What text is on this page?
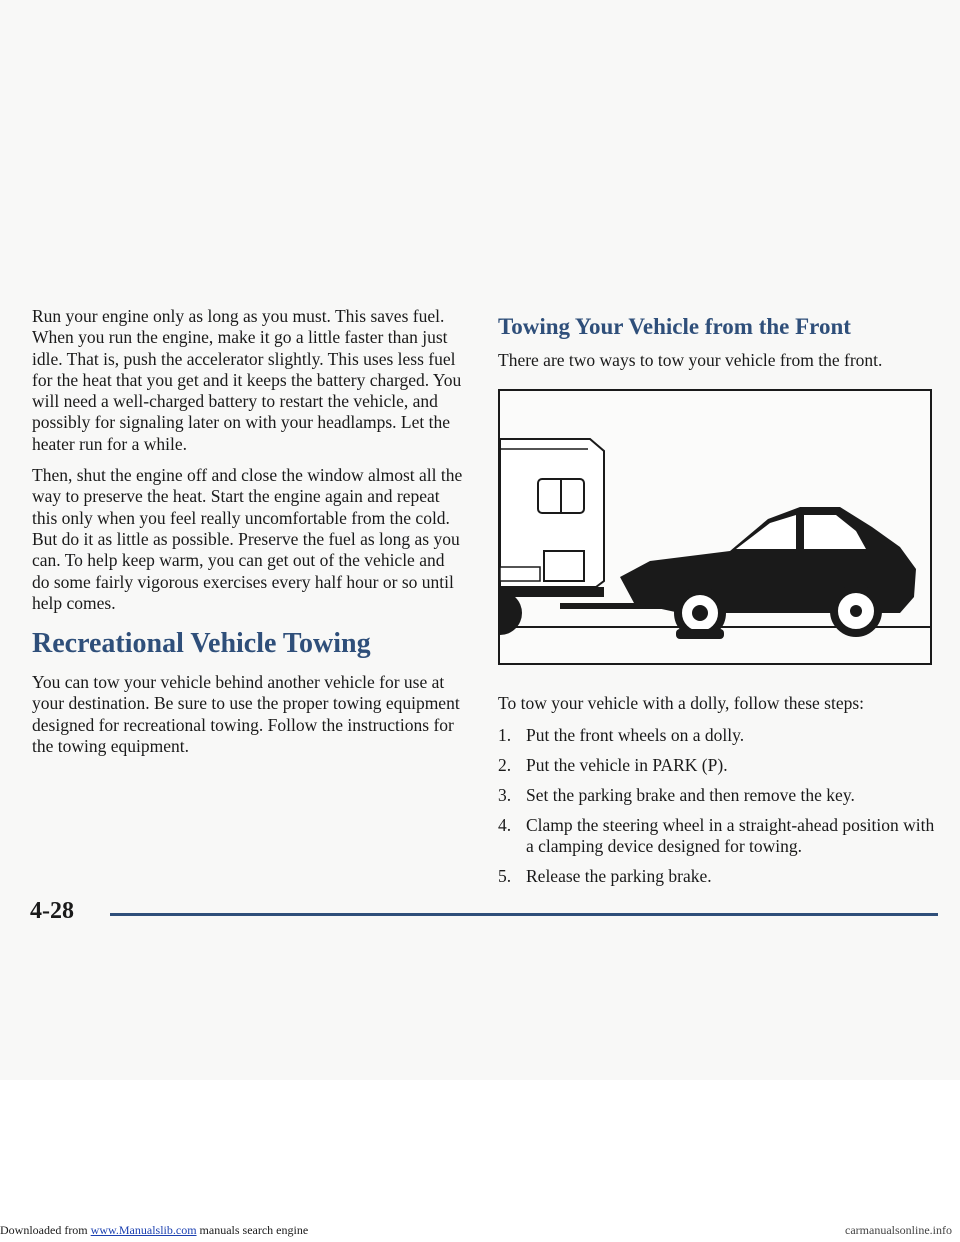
Run your engine only as long as you must. This saves fuel. When you run the engine, make it go a little faster than just idle. That is, push the accelerator slightly. This uses less fuel for the heat that you get and it keeps the battery charged. You will need a well-charged battery to restart the vehicle, and possibly for signaling later on with your headlamps. Let the heater run for a while.

Then, shut the engine off and close the window almost all the way to preserve the heat. Start the engine again and repeat this only when you feel really uncomfortable from the cold. But do it as little as possible. Preserve the fuel as long as you can. To help keep warm, you can get out of the vehicle and do some fairly vigorous exercises every half hour or so until help comes.

Recreational Vehicle Towing

You can tow your vehicle behind another vehicle for use at your destination. Be sure to use the proper towing equipment designed for recreational towing. Follow the instructions for the towing equipment.

Towing Your Vehicle from the Front

There are two ways to tow your vehicle from the front.

To tow your vehicle with a dolly, follow these steps:

1. Put the front wheels on a dolly.
2. Put the vehicle in PARK (P).
3. Set the parking brake and then remove the key.
4. Clamp the steering wheel in a straight-ahead position with a clamping device designed for towing.
5. Release the parking brake.
4-28
Downloaded from www.Manualslib.com manuals search engine	carmanualsonline.info
